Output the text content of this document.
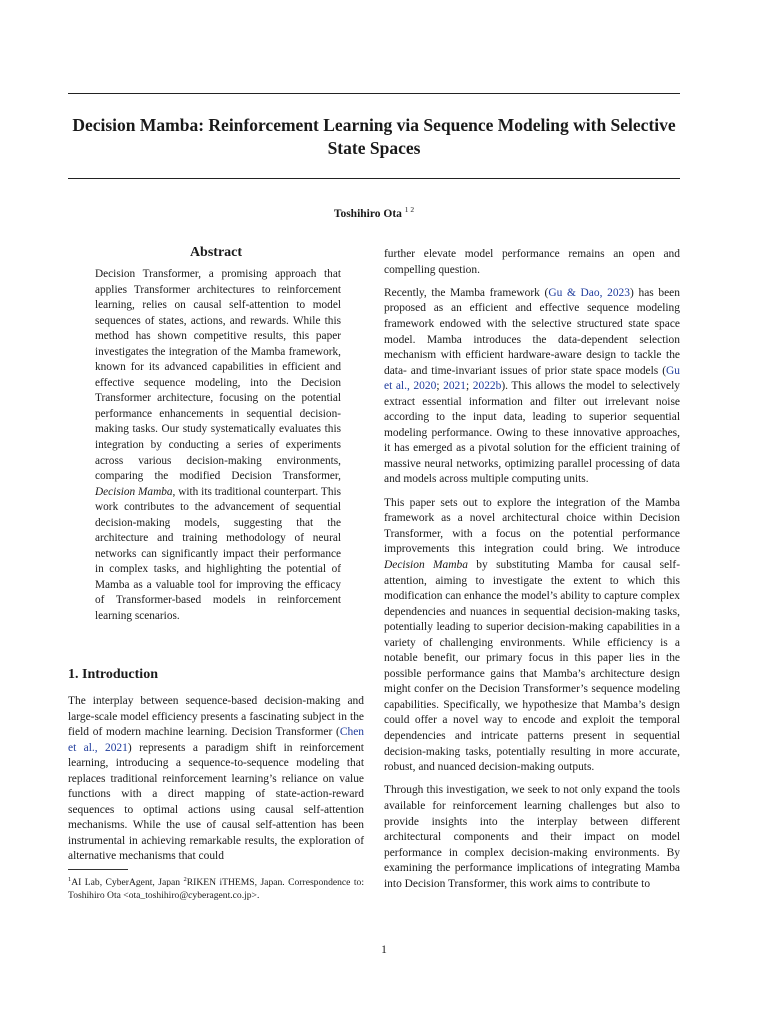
Decision Mamba: Reinforcement Learning via Sequence Modeling with Selective State Spaces
Toshihiro Ota $^{1 2}$
Abstract

Decision Transformer, a promising approach that applies Transformer architectures to reinforcement learning, relies on causal self-attention to model sequences of states, actions, and rewards. While this method has shown competitive results, this paper investigates the integration of the Mamba framework, known for its advanced capabilities in efficient and effective sequence modeling, into the Decision Transformer architecture, focusing on the potential performance enhancements in sequential decision-making tasks. Our study systematically evaluates this integration by conducting a series of experiments across various decision-making environments, comparing the modified Decision Transformer, Decision Mamba, with its traditional counterpart. This work contributes to the advancement of sequential decision-making models, suggesting that the architecture and training methodology of neural networks can significantly impact their performance in complex tasks, and highlighting the potential of Mamba as a valuable tool for improving the efficacy of Transformer-based models in reinforcement learning scenarios.

1. Introduction

The interplay between sequence-based decision-making and large-scale model efficiency presents a fascinating subject in the field of modern machine learning. Decision Transformer (Chen et al., 2021) represents a paradigm shift in reinforcement learning, introducing a sequence-to-sequence modeling that replaces traditional reinforcement learning’s reliance on value functions with a direct mapping of state-action-reward sequences to optimal actions using causal self-attention mechanisms. While the use of causal self-attention has been instrumental in achieving remarkable results, the exploration of alternative mechanisms that could

further elevate model performance remains an open and compelling question.

Recently, the Mamba framework (Gu & Dao, 2023) has been proposed as an efficient and effective sequence modeling framework endowed with the selective structured state space model. Mamba introduces the data-dependent selection mechanism with efficient hardware-aware design to tackle the data- and time-invariant issues of prior state space models (Gu et al., 2020; 2021; 2022b). This allows the model to selectively extract essential information and filter out irrelevant noise according to the input data, leading to superior sequential modeling performance. Owing to these innovative approaches, it has emerged as a pivotal solution for the efficient training of massive neural networks, optimizing parallel processing of data and models across multiple computing units.

This paper sets out to explore the integration of the Mamba framework as a novel architectural choice within Decision Transformer, with a focus on the potential performance improvements this integration could bring. We introduce Decision Mamba by substituting Mamba for causal self-attention, aiming to investigate the extent to which this modification can enhance the model’s ability to capture complex dependencies and nuances in sequential decision-making tasks, potentially leading to superior decision-making capabilities in a variety of challenging environments. While efficiency is a notable benefit, our primary focus in this paper lies in the possible performance gains that Mamba’s architecture design might confer on the Decision Transformer’s sequence modeling capabilities. Specifically, we hypothesize that Mamba’s design could offer a novel way to encode and exploit the temporal dependencies and intricate patterns present in sequential decision-making tasks, potentially resulting in more accurate, robust, and nuanced decision-making outputs.

Through this investigation, we seek to not only expand the tools available for reinforcement learning challenges but also to provide insights into the interplay between different architectural components and their impact on model performance in complex decision-making environments. By examining the performance implications of integrating Mamba into Decision Transformer, this work aims to contribute to

$^1$AI Lab, CyberAgent, Japan $^2$RIKEN iTHEMS, Japan. Correspondence to: Toshihiro Ota <ota_toshihiro@cyberagent.co.jp>.
1
